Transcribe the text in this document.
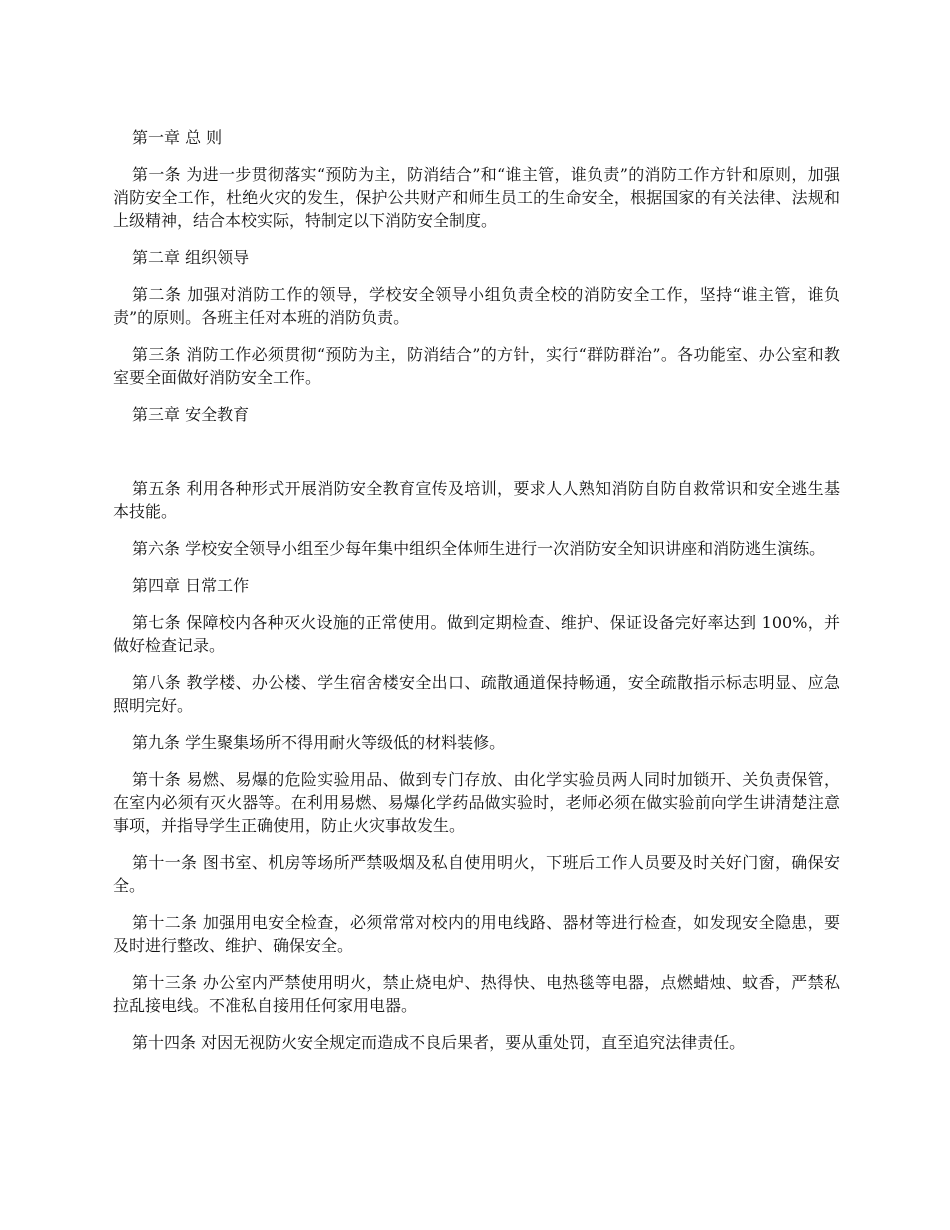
第一章 总 则
第一条 为进一步贯彻落实“预防为主，防消结合”和“谁主管，谁负责”的消防工作方针和原则，加强消防安全工作，杜绝火灾的发生，保护公共财产和师生员工的生命安全，根据国家的有关法律、法规和上级精神，结合本校实际，特制定以下消防安全制度。
第二章 组织领导
第二条 加强对消防工作的领导，学校安全领导小组负责全校的消防安全工作，坚持“谁主管，谁负责”的原则。各班主任对本班的消防负责。
第三条 消防工作必须贯彻“预防为主，防消结合”的方针，实行“群防群治”。各功能室、办公室和教室要全面做好消防安全工作。
第三章 安全教育
第五条 利用各种形式开展消防安全教育宣传及培训，要求人人熟知消防自防自救常识和安全逃生基本技能。
第六条 学校安全领导小组至少每年集中组织全体师生进行一次消防安全知识讲座和消防逃生演练。
第四章 日常工作
第七条 保障校内各种灭火设施的正常使用。做到定期检查、维护、保证设备完好率达到 100%，并做好检查记录。
第八条 教学楼、办公楼、学生宿舍楼安全出口、疏散通道保持畅通，安全疏散指示标志明显、应急照明完好。
第九条 学生聚集场所不得用耐火等级低的材料装修。
第十条 易燃、易爆的危险实验用品、做到专门存放、由化学实验员两人同时加锁开、关负责保管，在室内必须有灭火器等。在利用易燃、易爆化学药品做实验时，老师必须在做实验前向学生讲清楚注意事项，并指导学生正确使用，防止火灾事故发生。
第十一条 图书室、机房等场所严禁吸烟及私自使用明火，下班后工作人员要及时关好门窗，确保安全。
第十二条 加强用电安全检查，必须常常对校内的用电线路、器材等进行检查，如发现安全隐患，要及时进行整改、维护、确保安全。
第十三条 办公室内严禁使用明火，禁止烧电炉、热得快、电热毯等电器，点燃蜡烛、蚊香，严禁私拉乱接电线。不准私自接用任何家用电器。
第十四条 对因无视防火安全规定而造成不良后果者，要从重处罚，直至追究法律责任。
